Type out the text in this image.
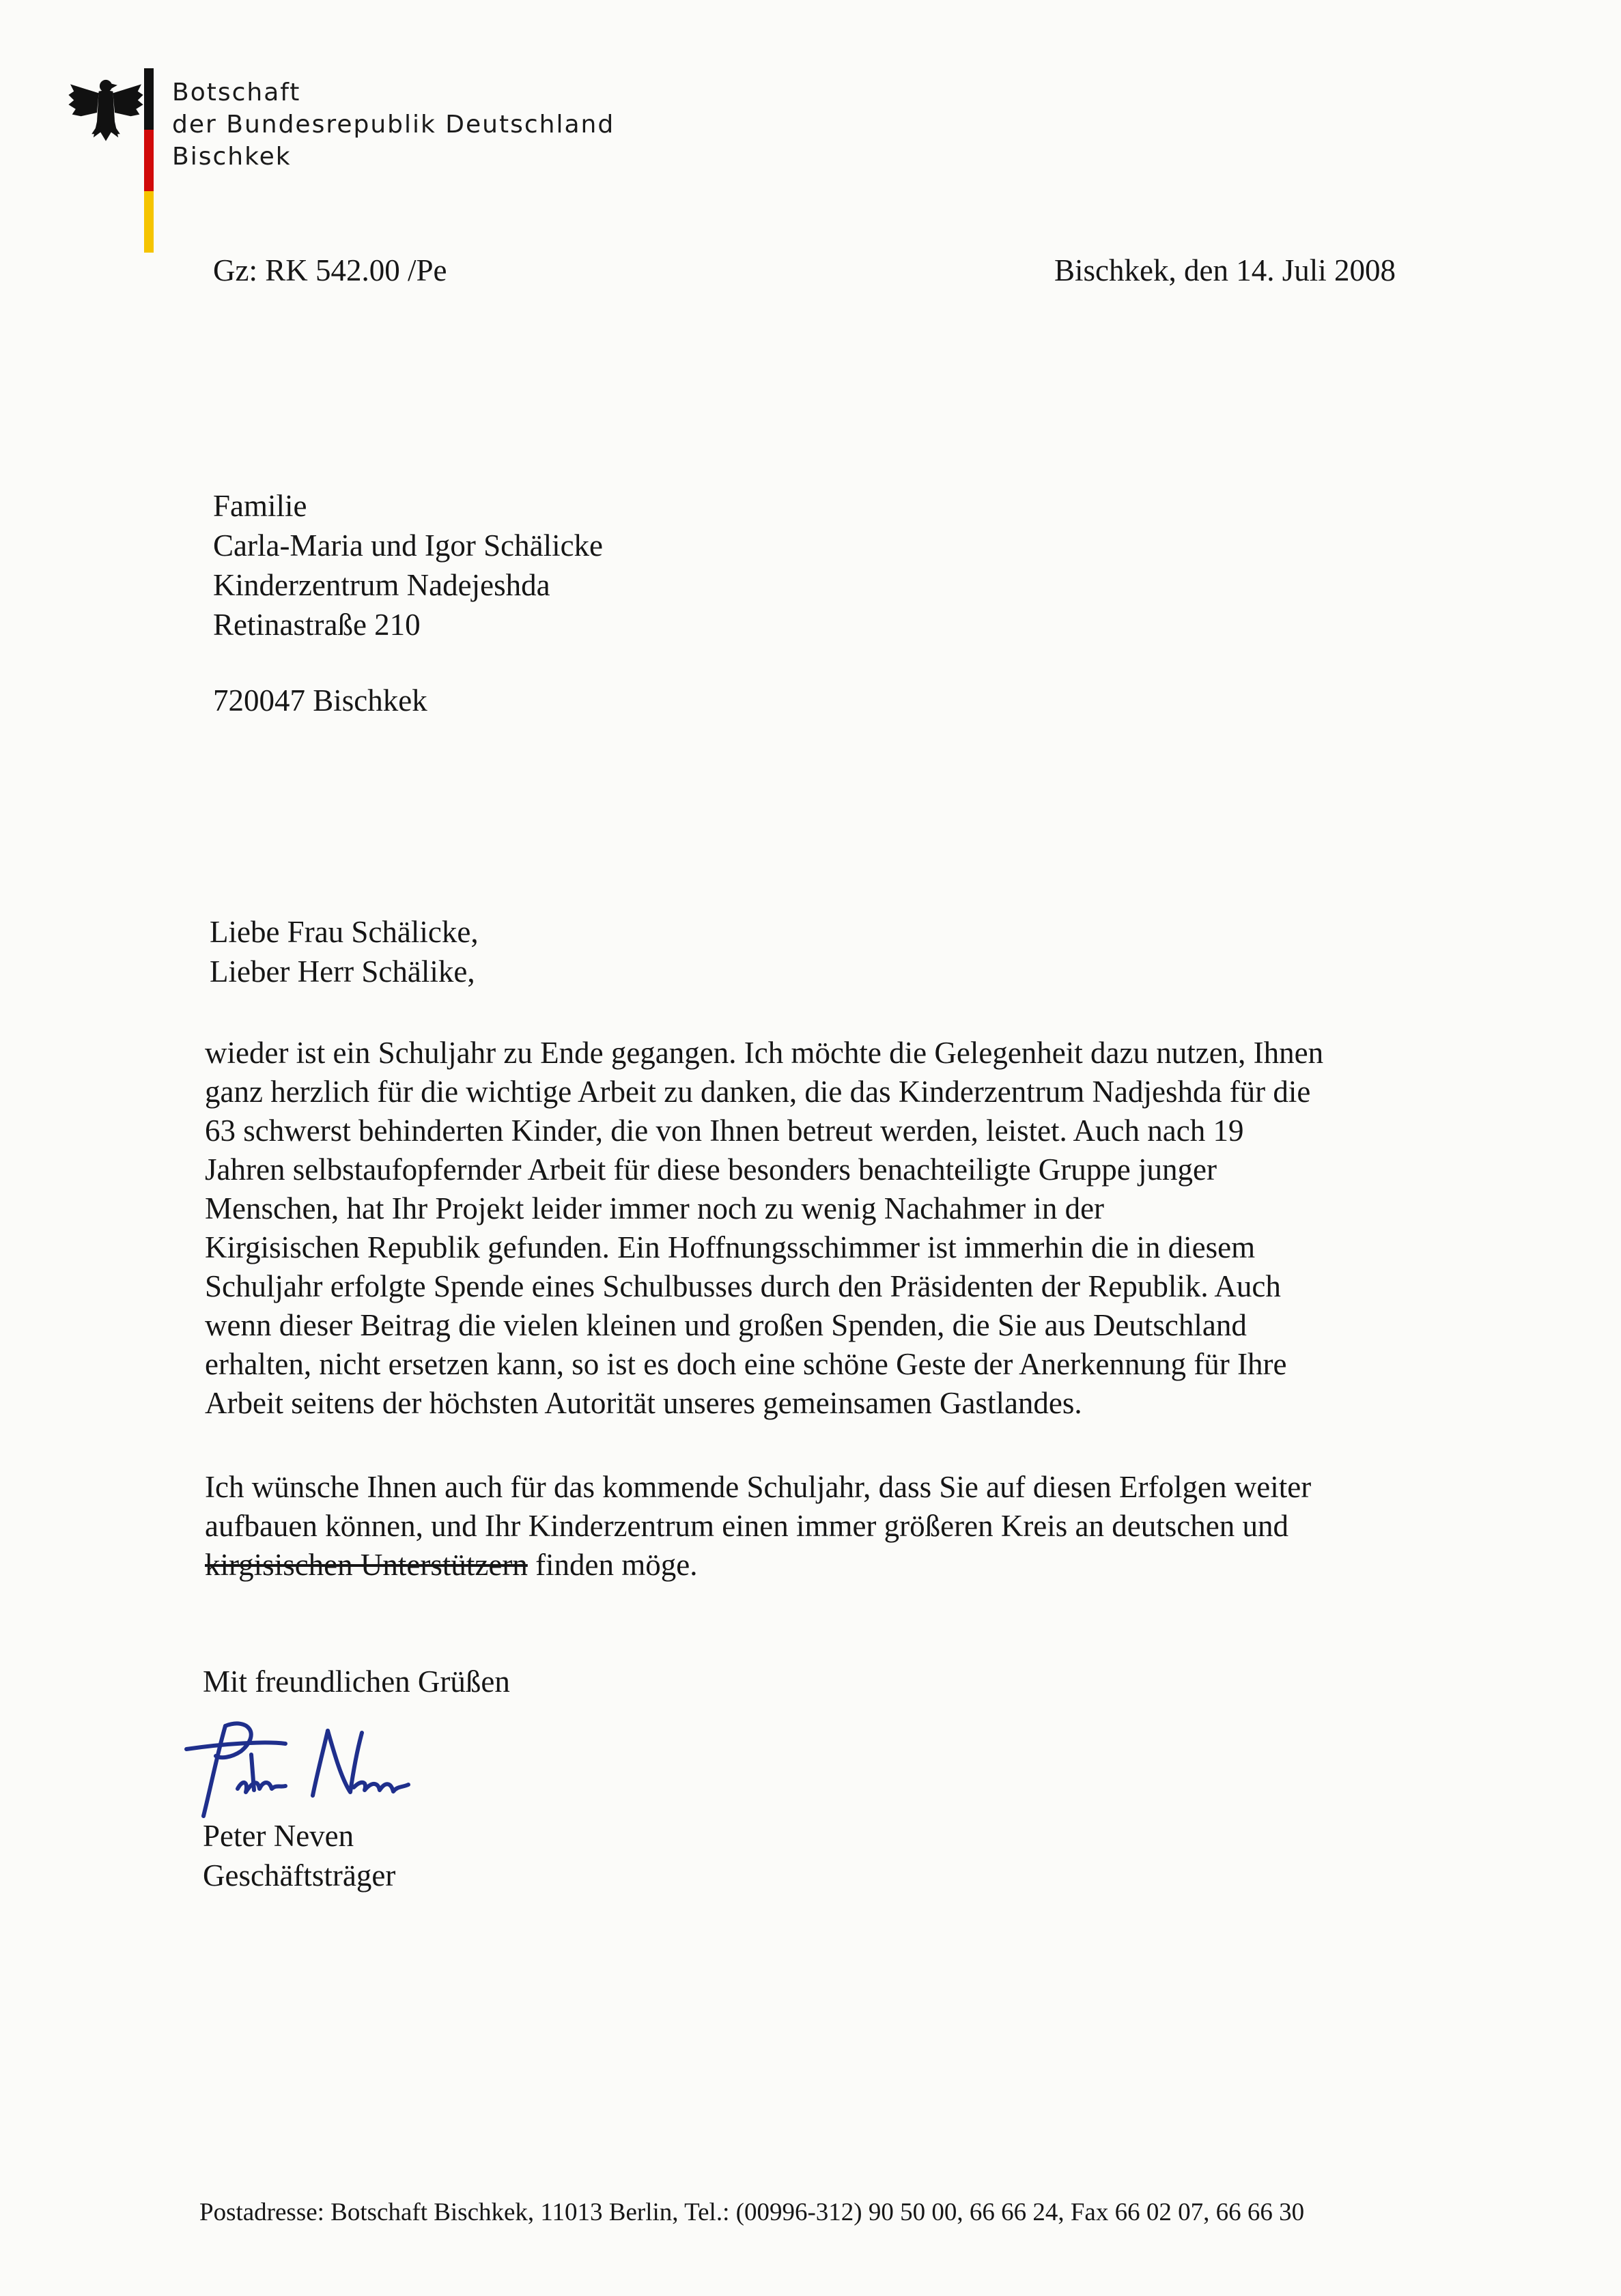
Botschaft
der Bundesrepublik Deutschland
Bischkek
Gz: RK 542.00 /Pe	Bischkek, den 14. Juli 2008
Familie
Carla-Maria und Igor Schälicke
Kinderzentrum Nadejeshda
Retinastraße 210
720047 Bischkek
Liebe Frau Schälicke,
Lieber Herr Schälike,
wieder ist ein Schuljahr zu Ende gegangen. Ich möchte die Gelegenheit dazu nutzen, Ihnen
ganz herzlich für die wichtige Arbeit zu danken, die das Kinderzentrum Nadjeshda für die
63 schwerst behinderten Kinder, die von Ihnen betreut werden, leistet. Auch nach 19
Jahren selbstaufopfernder Arbeit für diese besonders benachteiligte Gruppe junger
Menschen, hat Ihr Projekt leider immer noch zu wenig Nachahmer in der
Kirgisischen Republik gefunden. Ein Hoffnungsschimmer ist immerhin die in diesem
Schuljahr erfolgte Spende eines Schulbusses durch den Präsidenten der Republik. Auch
wenn dieser Beitrag die vielen kleinen und großen Spenden, die Sie aus Deutschland
erhalten, nicht ersetzen kann, so ist es doch eine schöne Geste der Anerkennung für Ihre
Arbeit seitens der höchsten Autorität unseres gemeinsamen Gastlandes.
Ich wünsche Ihnen auch für das kommende Schuljahr, dass Sie auf diesen Erfolgen weiter
aufbauen können, und Ihr Kinderzentrum einen immer größeren Kreis an deutschen und
kirgisischen Unterstützern finden möge.
Mit freundlichen Grüßen
Peter Neven
Geschäftsträger
Postadresse: Botschaft Bischkek, 11013 Berlin, Tel.: (00996-312) 90 50 00, 66 66 24, Fax 66 02 07, 66 66 30
